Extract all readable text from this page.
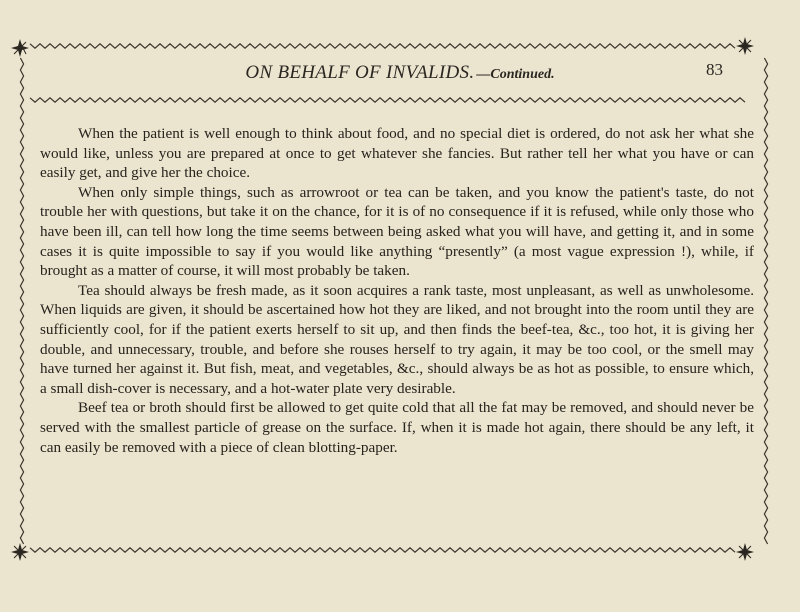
ON BEHALF OF INVALIDS. —Continued.	83

When the patient is well enough to think about food, and no special diet is ordered, do not ask her what she would like, unless you are prepared at once to get whatever she fancies. But rather tell her what you have or can easily get, and give her the choice.

When only simple things, such as arrowroot or tea can be taken, and you know the patient's taste, do not trouble her with questions, but take it on the chance, for it is of no consequence if it is refused, while only those who have been ill, can tell how long the time seems between being asked what you will have, and getting it, and in some cases it is quite impossible to say if you would like anything “presently” (a most vague expression !), while, if brought as a matter of course, it will most probably be taken.

Tea should always be fresh made, as it soon acquires a rank taste, most unpleasant, as well as unwholesome. When liquids are given, it should be ascertained how hot they are liked, and not brought into the room until they are sufficiently cool, for if the patient exerts herself to sit up, and then finds the beef-tea, &c., too hot, it is giving her double, and unnecessary, trouble, and before she rouses herself to try again, it may be too cool, or the smell may have turned her against it. But fish, meat, and vegetables, &c., should always be as hot as possible, to ensure which, a small dish-cover is necessary, and a hot-water plate very desirable.

Beef tea or broth should first be allowed to get quite cold that all the fat may be removed, and should never be served with the smallest particle of grease on the surface. If, when it is made hot again, there should be any left, it can easily be removed with a piece of clean blotting-paper.
